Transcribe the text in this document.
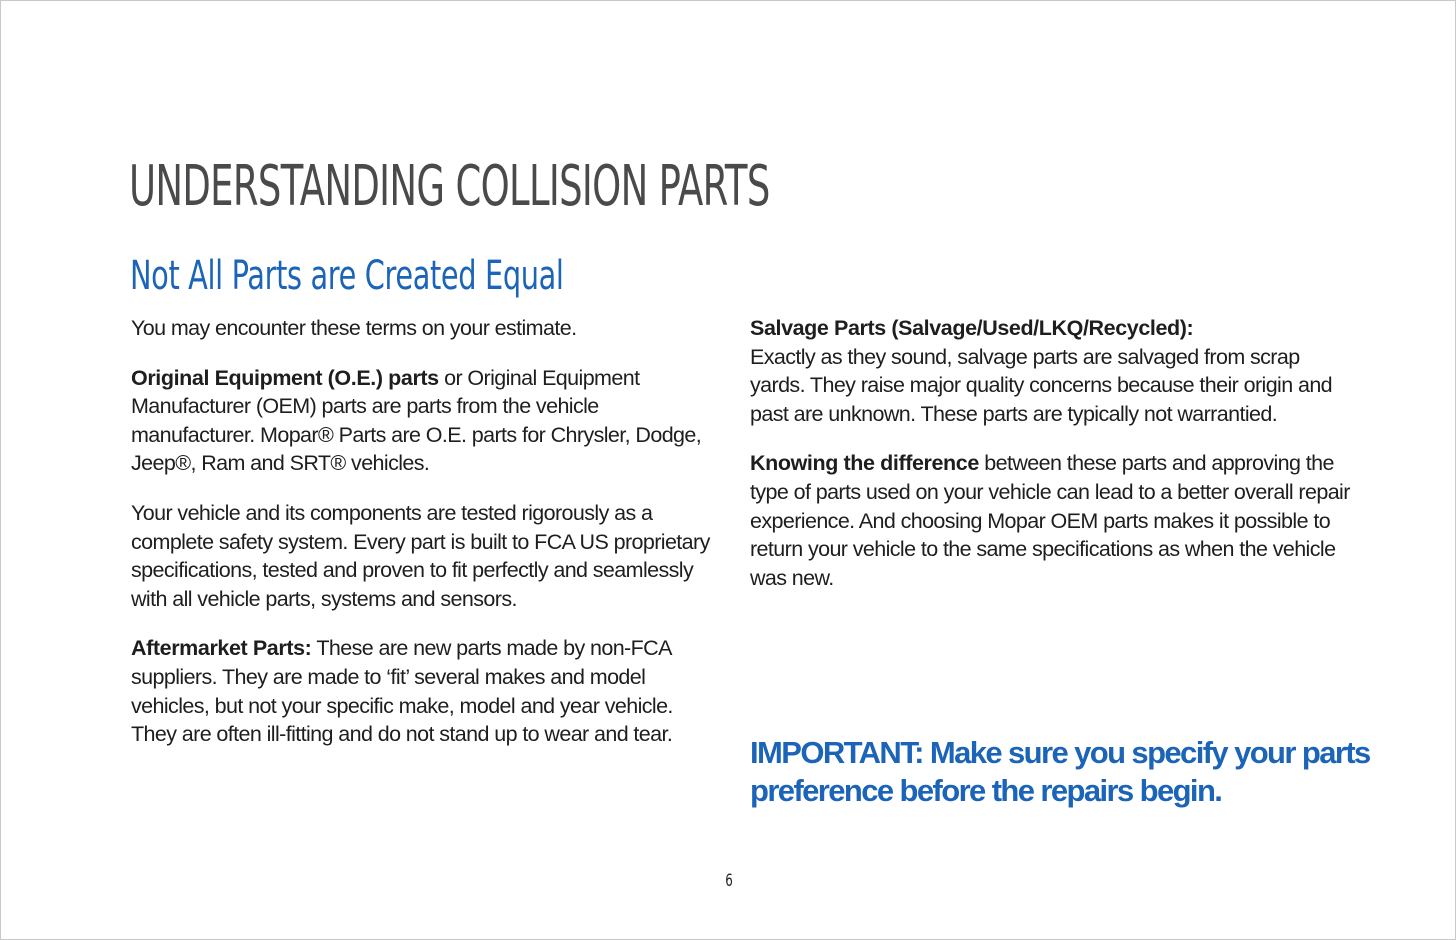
UNDERSTANDING COLLISION PARTS
Not All Parts are Created Equal

You may encounter these terms on your estimate.

Original Equipment (O.E.) parts or Original Equipment Manufacturer (OEM) parts are parts from the vehicle manufacturer. Mopar® Parts are O.E. parts for Chrysler, Dodge, Jeep®, Ram and SRT® vehicles.

Your vehicle and its components are tested rigorously as a complete safety system. Every part is built to FCA US proprietary specifications, tested and proven to fit perfectly and seamlessly with all vehicle parts, systems and sensors.

Aftermarket Parts: These are new parts made by non-FCA suppliers. They are made to ‘fit’ several makes and model vehicles, but not your specific make, model and year vehicle. They are often ill-fitting and do not stand up to wear and tear.

Salvage Parts (Salvage/Used/LKQ/Recycled):
Exactly as they sound, salvage parts are salvaged from scrap yards. They raise major quality concerns because their origin and past are unknown. These parts are typically not warrantied.

Knowing the difference between these parts and approving the type of parts used on your vehicle can lead to a better overall repair experience. And choosing Mopar OEM parts makes it possible to return your vehicle to the same specifications as when the vehicle was new.

IMPORTANT: Make sure you specify your parts preference before the repairs begin.

6
